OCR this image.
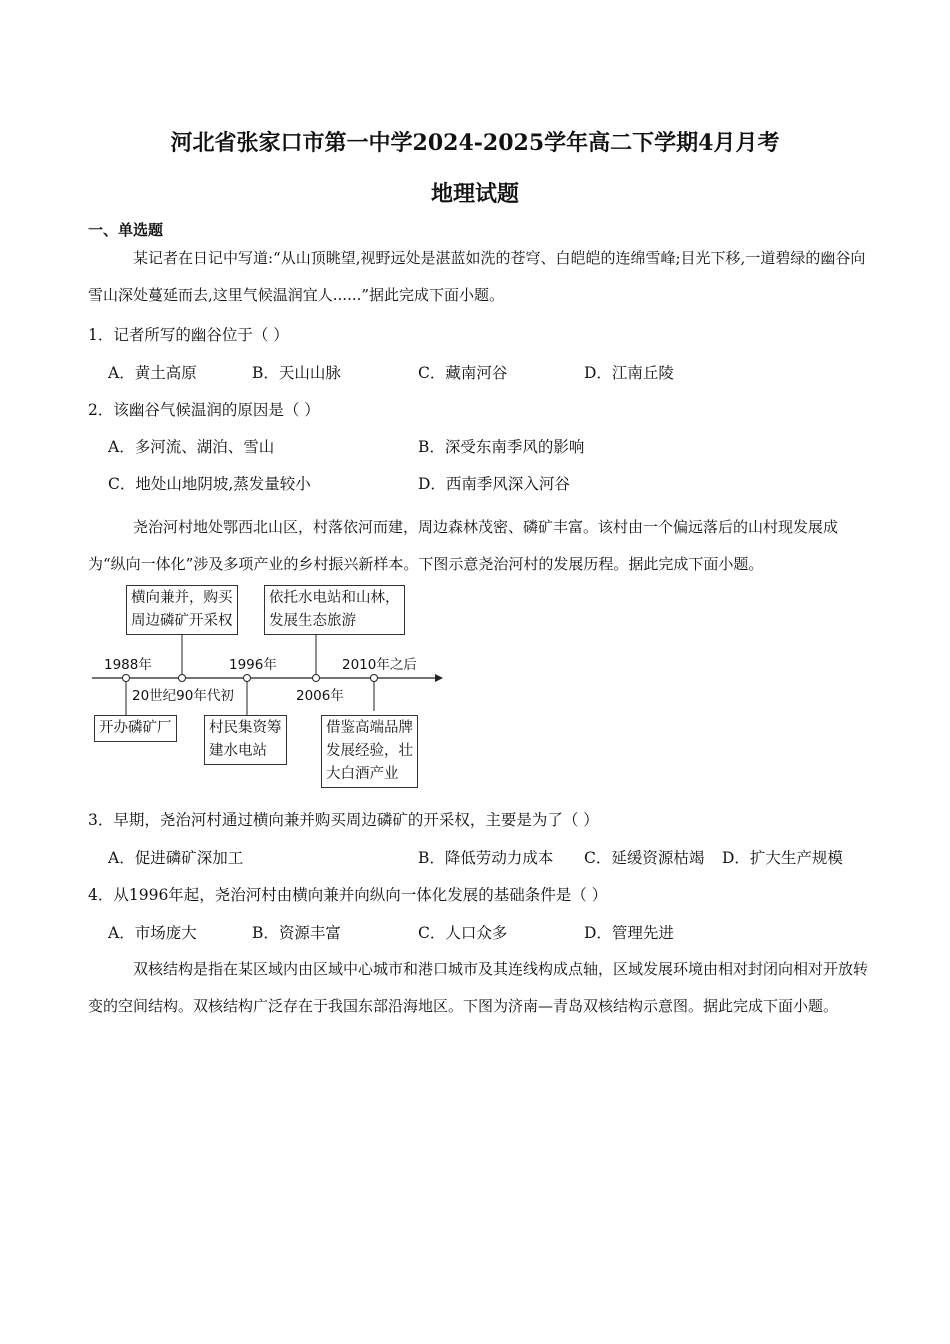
河北省张家口市第一中学2024-2025学年高二下学期4月月考
地理试题
一、单选题
某记者在日记中写道:“从山顶眺望,视野远处是湛蓝如洗的苍穹、白皑皑的连绵雪峰;目光下移,一道碧绿的幽谷向雪山深处蔓延而去,这里气候温润宜人......”据此完成下面小题。
1．记者所写的幽谷位于（ ）
A．黄土高原	B．天山山脉	C．藏南河谷	D．江南丘陵
2．该幽谷气候温润的原因是（ ）
A．多河流、湖泊、雪山	B．深受东南季风的影响
C．地处山地阴坡,蒸发量较小	D．西南季风深入河谷
尧治河村地处鄂西北山区，村落依河而建，周边森林茂密、磷矿丰富。该村由一个偏远落后的山村现发展成为“纵向一体化”涉及多项产业的乡村振兴新样本。下图示意尧治河村的发展历程。据此完成下面小题。
横向兼并，购买
周边磷矿开采权
依托水电站和山林，
发展生态旅游
1988年	1996年	2010年之后
20世纪90年代初	2006年
开办磷矿厂	村民集资筹
建水电站
借鉴高端品牌
发展经验，壮
大白酒产业
3．早期，尧治河村通过横向兼并购买周边磷矿的开采权，主要是为了（ ）
A．促进磷矿深加工	B．降低劳动力成本 C．延缓资源枯竭 D．扩大生产规模
4．从1996年起，尧治河村由横向兼并向纵向一体化发展的基础条件是（ ）
A．市场庞大	B．资源丰富	C．人口众多	D．管理先进
双核结构是指在某区域内由区域中心城市和港口城市及其连线构成点轴，区域发展环境由相对封闭向相对开放转变的空间结构。双核结构广泛存在于我国东部沿海地区。下图为济南—青岛双核结构示意图。据此完成下面小题。
